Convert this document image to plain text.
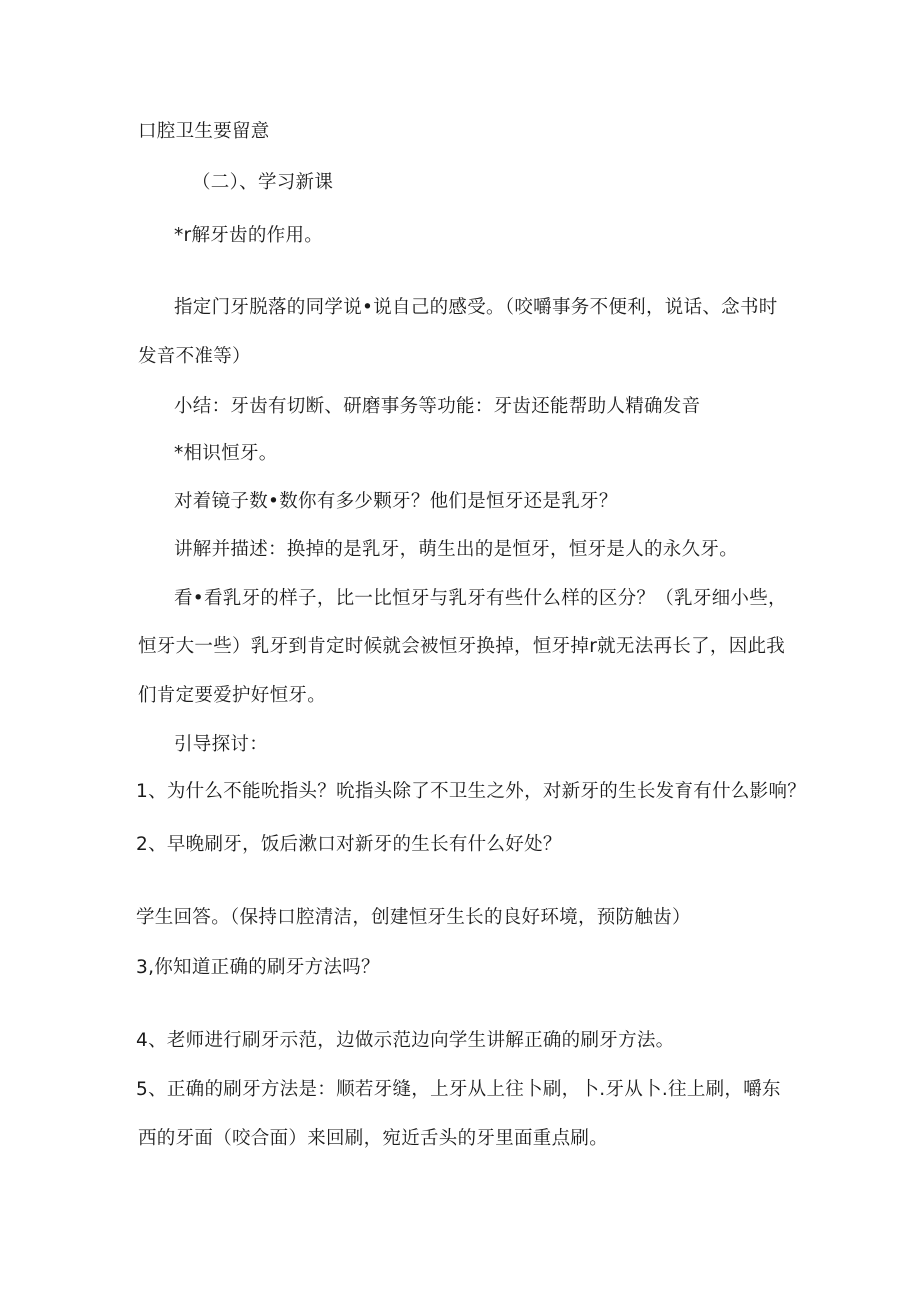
口腔卫生要留意
（二）、学习新课
*r解牙齿的作用。
指定门牙脱落的同学说•说自己的感受。（咬嚼事务不便利，说话、念书时
发音不准等）
小结：牙齿有切断、研磨事务等功能：牙齿还能帮助人精确发音
*相识恒牙。
对着镜子数•数你有多少颗牙？他们是恒牙还是乳牙？
讲解并描述：换掉的是乳牙，萌生出的是恒牙，恒牙是人的永久牙。
看•看乳牙的样子，比一比恒牙与乳牙有些什么样的区分？（乳牙细小些，
恒牙大一些）乳牙到肯定时候就会被恒牙换掉，恒牙掉r就无法再长了，因此我
们肯定要爱护好恒牙。
引导探讨：
1、为什么不能吮指头？吮指头除了不卫生之外，对新牙的生长发育有什么影响？
2、早晚刷牙，饭后漱口对新牙的生长有什么好处？
学生回答。（保持口腔清洁，创建恒牙生长的良好环境，预防触齿）
3,你知道正确的刷牙方法吗？
4、老师进行刷牙示范，边做示范边向学生讲解正确的刷牙方法。
5、正确的刷牙方法是：顺若牙缝，上牙从上往卜刷，卜.牙从卜.往上刷，嚼东
西的牙面（咬合面）来回刷，宛近舌头的牙里面重点刷。
